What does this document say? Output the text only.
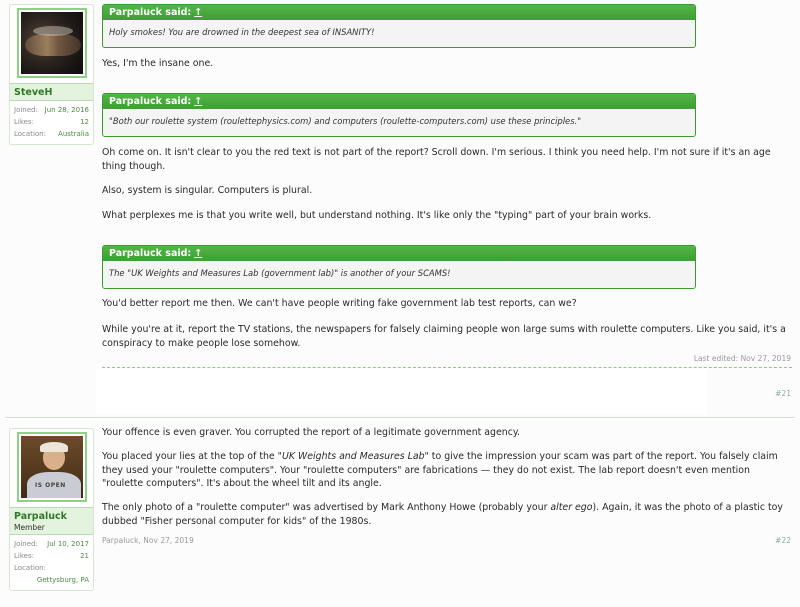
SteveH
Joined: Jun 28, 2016
Likes:	12
Location: Australia
Parpaluck said: ↑
Holy smokes! You are drowned in the deepest sea of INSANITY!
Yes, I'm the insane one.
Parpaluck said: ↑
"Both our roulette system (roulettephysics.com) and computers (roulette-computers.com) use these principles."
Oh come on. It isn't clear to you the red text is not part of the report? Scroll down. I'm serious. I think you need help. I'm not sure if it's an age thing though.
Also, system is singular. Computers is plural.
What perplexes me is that you write well, but understand nothing. It's like only the "typing" part of your brain works.
Parpaluck said: ↑
The "UK Weights and Measures Lab (government lab)" is another of your SCAMS!
You'd better report me then. We can't have people writing fake government lab test reports, can we?
While you're at it, report the TV stations, the newspapers for falsely claiming people won large sums with roulette computers. Like you said, it's a conspiracy to make people lose somehow.
Last edited: Nov 27, 2019
#21
IS OPEN
Parpaluck
Member
Joined: Jul 10, 2017
Likes:	21
Location:
Gettysburg, PA
Your offence is even graver. You corrupted the report of a legitimate government agency.
You placed your lies at the top of the "UK Weights and Measures Lab" to give the impression your scam was part of the report. You falsely claim they used your "roulette computers". Your "roulette computers" are fabrications — they do not exist. The lab report doesn't even mention "roulette computers". It's about the wheel tilt and its angle.
The only photo of a "roulette computer" was advertised by Mark Anthony Howe (probably your alter ego). Again, it was the photo of a plastic toy dubbed "Fisher personal computer for kids" of the 1980s.
Parpaluck, Nov 27, 2019	#22
